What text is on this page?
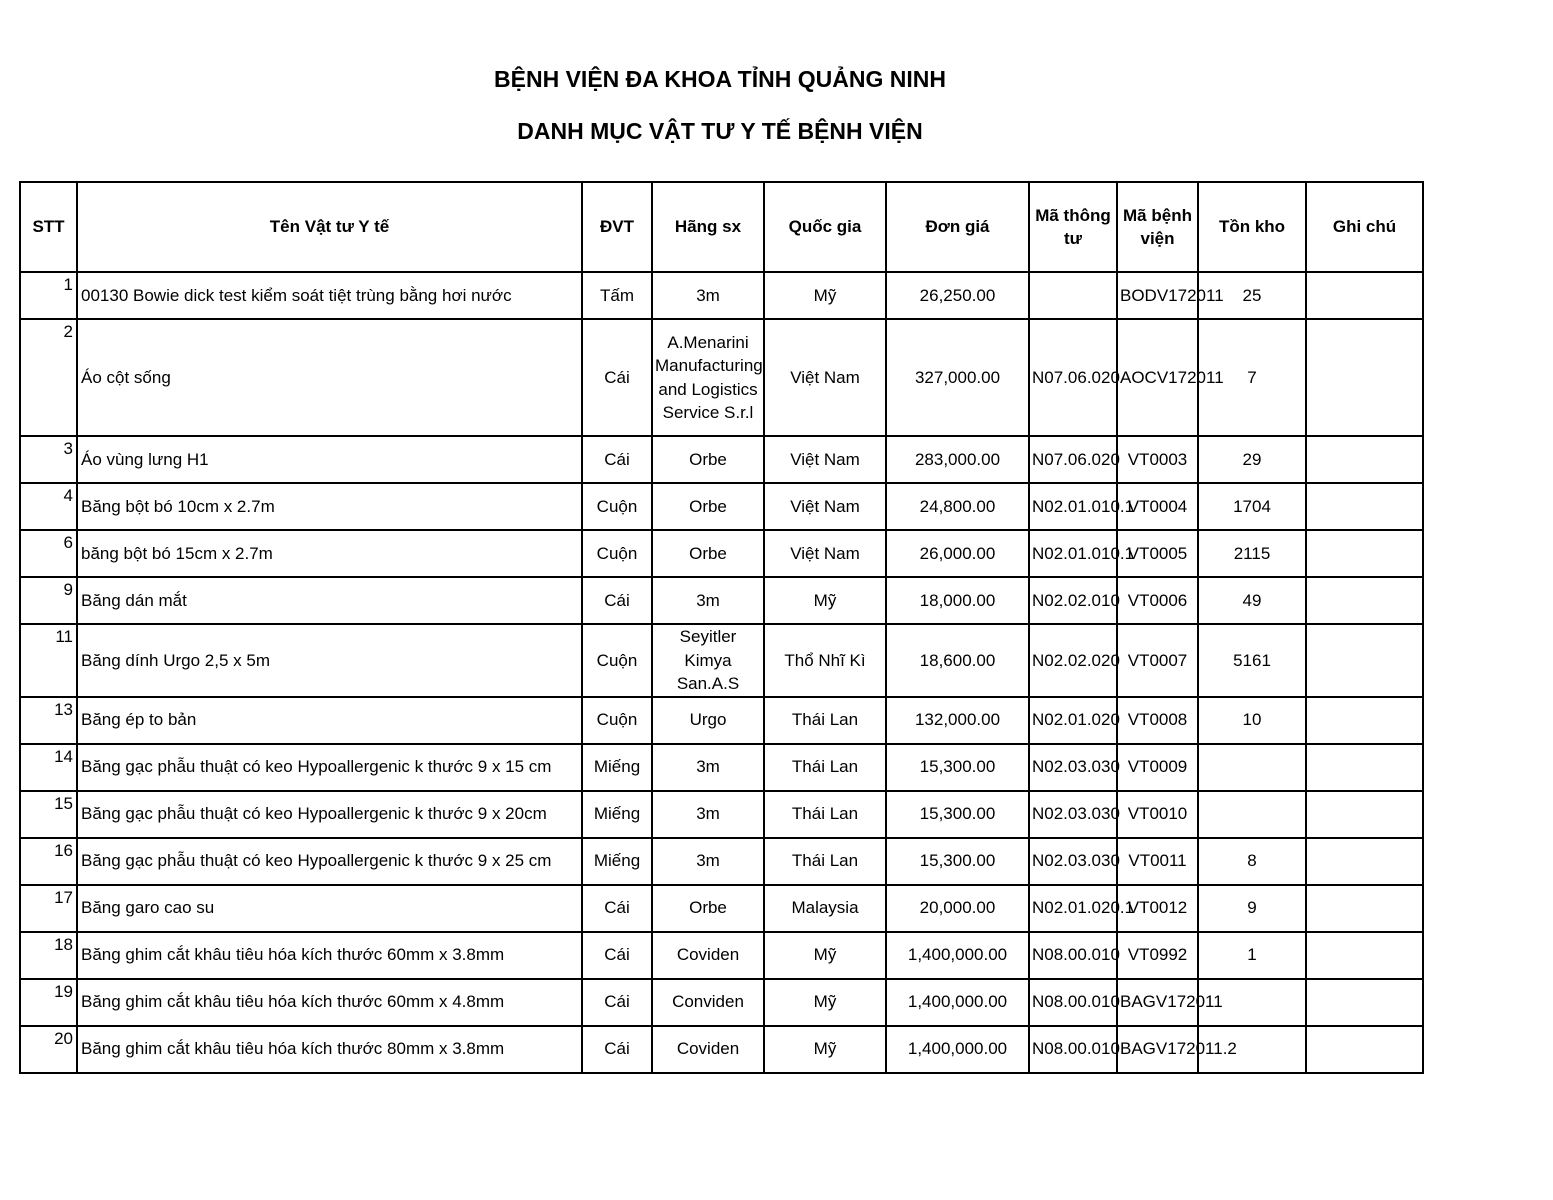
BỆNH VIỆN ĐA KHOA TỈNH QUẢNG NINH
DANH MỤC VẬT TƯ Y TẾ BỆNH VIỆN
STT	Tên Vật tư Y tế	ĐVT	Hãng sx	Quốc gia	Đơn giá	Mã thông tư	Mã bệnh viện	Tồn kho	Ghi chú
1	00130 Bowie dick test kiểm soát tiệt trùng bằng hơi nước	Tấm	3m	Mỹ	26,250.00		BODV172011	25	
2	Áo cột sống	Cái	A.Menarini Manufacturing and Logistics Service S.r.l	Việt Nam	327,000.00	N07.06.020	AOCV172011	7	
3	Áo vùng lưng H1	Cái	Orbe	Việt Nam	283,000.00	N07.06.020	VT0003	29	
4	Băng bột bó 10cm x 2.7m	Cuộn	Orbe	Việt Nam	24,800.00	N02.01.010.1	VT0004	1704	
6	băng bột bó 15cm x 2.7m	Cuộn	Orbe	Việt Nam	26,000.00	N02.01.010.1	VT0005	2115	
9	Băng dán mắt	Cái	3m	Mỹ	18,000.00	N02.02.010	VT0006	49	
11	Băng dính Urgo 2,5 x 5m	Cuộn	Seyitler Kimya San.A.S	Thổ Nhĩ Kì	18,600.00	N02.02.020	VT0007	5161	
13	Băng ép to bản	Cuộn	Urgo	Thái Lan	132,000.00	N02.01.020	VT0008	10	
14	Băng gạc phẫu thuật có keo Hypoallergenic k thước 9 x 15 cm	Miếng	3m	Thái Lan	15,300.00	N02.03.030	VT0009		
15	Băng gạc phẫu thuật có keo Hypoallergenic k thước 9 x 20cm	Miếng	3m	Thái Lan	15,300.00	N02.03.030	VT0010		
16	Băng gạc phẫu thuật có keo Hypoallergenic k thước 9 x 25 cm	Miếng	3m	Thái Lan	15,300.00	N02.03.030	VT0011	8	
17	Băng garo cao su	Cái	Orbe	Malaysia	20,000.00	N02.01.020.1	VT0012	9	
18	Băng ghim cắt khâu tiêu hóa kích thước 60mm x 3.8mm	Cái	Coviden	Mỹ	1,400,000.00	N08.00.010	VT0992	1	
19	Băng ghim cắt khâu tiêu hóa kích thước 60mm x 4.8mm	Cái	Conviden	Mỹ	1,400,000.00	N08.00.010	BAGV172011		
20	Băng ghim cắt khâu tiêu hóa kích thước 80mm x 3.8mm	Cái	Coviden	Mỹ	1,400,000.00	N08.00.010	BAGV172011.2		
